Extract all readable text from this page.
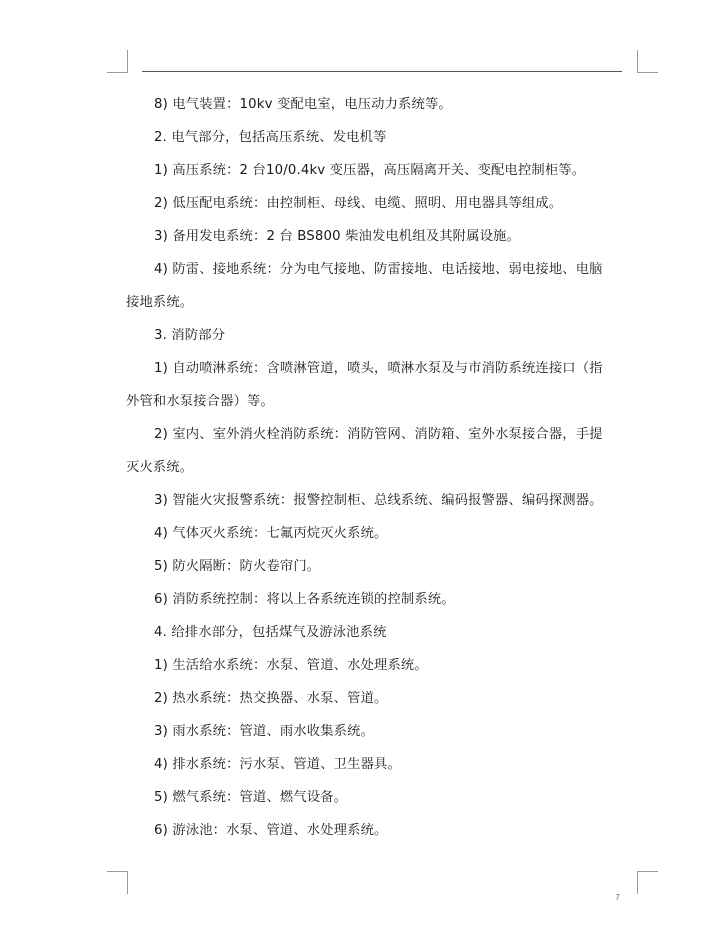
8) 电气装置：10kv 变配电室，电压动力系统等。

2. 电气部分，包括高压系统、发电机等

1) 高压系统：2 台10/0.4kv 变压器，高压隔离开关、变配电控制柜等。

2) 低压配电系统：由控制柜、母线、电缆、照明、用电器具等组成。

3) 备用发电系统：2 台 BS800 柴油发电机组及其附属设施。

4) 防雷、接地系统：分为电气接地、防雷接地、电话接地、弱电接地、电脑

接地系统。

3. 消防部分

1) 自动喷淋系统：含喷淋管道，喷头，喷淋水泵及与市消防系统连接口（指

外管和水泵接合器）等。

2) 室内、室外消火栓消防系统：消防管网、消防箱、室外水泵接合器，手提

灭火系统。

3) 智能火灾报警系统：报警控制柜、总线系统、编码报警器、编码探测器。

4) 气体灭火系统：七氟丙烷灭火系统。

5) 防火隔断：防火卷帘门。

6) 消防系统控制：将以上各系统连锁的控制系统。

4. 给排水部分，包括煤气及游泳池系统

1) 生活给水系统：水泵、管道、水处理系统。

2) 热水系统：热交换器、水泵、管道。

3) 雨水系统：管道、雨水收集系统。

4) 排水系统：污水泵、管道、卫生器具。

5) 燃气系统：管道、燃气设备。

6) 游泳池：水泵、管道、水处理系统。

7
